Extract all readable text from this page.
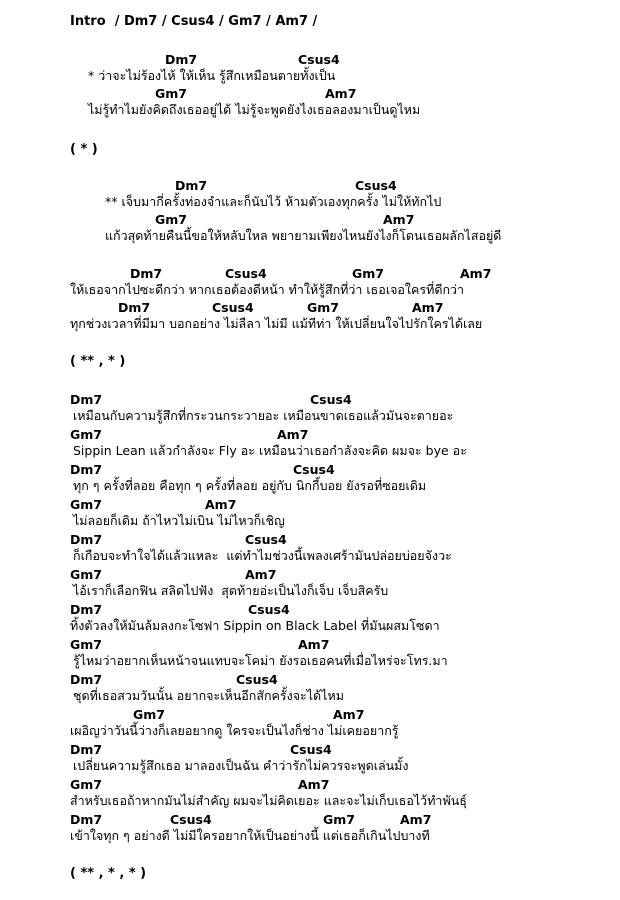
Intro  / Dm7 / Csus4 / Gm7 / Am7 /
Dm7	Csus4
* ว่าจะไม่ร้องไห้ ให้เห็น รู้สึกเหมือนตายทั้งเป็น
Gm7	Am7
ไม่รู้ทำไมยังคิดถึงเธออยู่ได้ ไม่รู้จะพูดยังไงเธอลองมาเป็นดูไหม
( * )
Dm7	Csus4
** เจ็บมากี่ครั้งท่องจำและก็นับไว้ ห้ามตัวเองทุกครั้ง ไม่ให้ทักไป
Gm7	Am7
แก้วสุดท้ายคืนนี้ขอให้หลับใหล พยายามเพียงไหนยังไงก็โดนเธอผลักไสอยู่ดี
Dm7	Csus4	Gm7	Am7
ให้เธอจากไปซะดีกว่า หากเธอต้องดีหน้า ทำให้รู้สึกที่ว่า เธอเจอใครที่ดีกว่า
Dm7	Csus4	Gm7	Am7
ทุกช่วงเวลาที่มีมา บอกอย่าง ไม่ลืลา ไม่มี แม้ทีท่า ให้เปลี่ยนใจไปรักใครได้เลย
( ** , * )
Dm7	Csus4
เหมือนกับความรู้สึกที่กระวนกระวายอะ เหมือนขาดเธอแล้วมันจะตายอะ
Gm7	Am7
Sippin Lean แล้วกำลังจะ Fly อะ เหมือนว่าเธอกำลังจะคิด ผมจะ bye อะ
Dm7	Csus4
ทุก ๆ ครั้งที่ลอย คือทุก ๆ ครั้งที่ลอย อยู่กับ นิกกี้บอย ยังรอที่ซอยเดิม
Gm7	Am7
ไม่ลอยก็เดิม ถ้าไหวไม่เบิน ไม่ไหวก็เชิญ
Dm7	Csus4
ก็เกือบจะทำใจได้แล้วแหละ  แต่ทำไมช่วงนี้เพลงเศร้ามันปล่อยบ่อยจังวะ
Gm7	Am7
ไอ้เราก็เลือกฟิน สลิดไปฟัง  สุดท้ายอ่ะเป็นไงก็เจ็บ เจ็บสิครับ
Dm7	Csus4
ทิ้งตัวลงให้มันล้มลงกะโซฟา Sippin on Black Label ที่มันผสมโซดา
Gm7	Am7
รู้ไหมว่าอยากเห็นหน้าจนแทบจะโคม่า ยังรอเธอคนที่เมื่อไหร่จะโทร.มา
Dm7	Csus4
ชุดที่เธอสวมวันนั้น อยากจะเห็นอีกสักครั้งจะได้ไหม
Gm7	Am7
เผอิญว่าวันนี้ว่างก็เลยอยากดู ใครจะเป็นไงก็ช่าง ไม่เคยอยากรู้
Dm7	Csus4
เปลี่ยนความรู้สึกเธอ มาลองเป็นฉัน คำว่ารักไม่ควรจะพูดเล่นมั้ง
Gm7	Am7
สำหรับเธอถ้าหากมันไม่สำคัญ ผมจะไม่คิดเยอะ และจะไม่เก็บเธอไว้ทำพันธุ์
Dm7	Csus4	Gm7	Am7
เข้าใจทุก ๆ อย่างดี ไม่มีใครอยากให้เป็นอย่างนี้ แต่เธอก็เกินไปบางที
( ** , * , * )
